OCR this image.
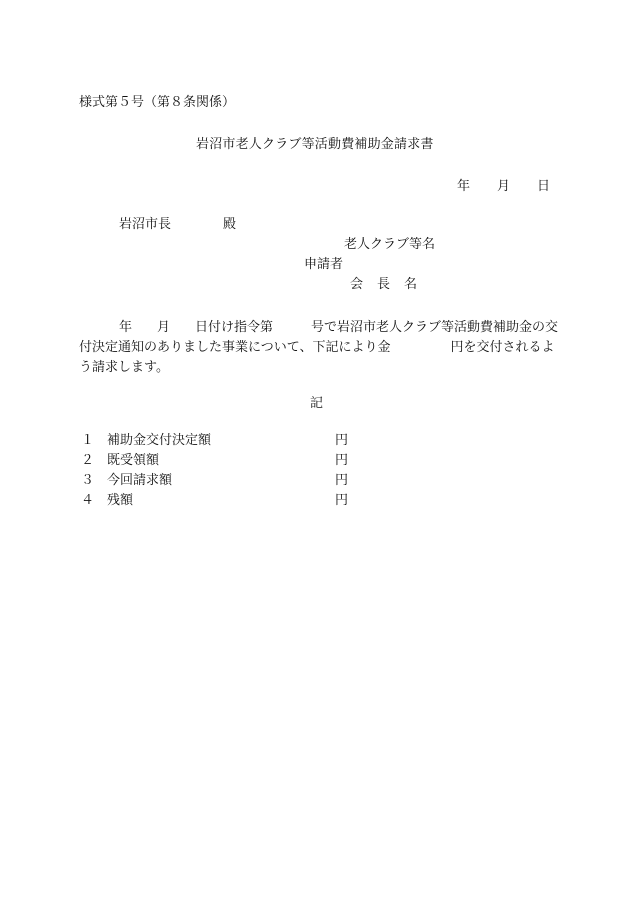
様式第５号（第８条関係）
岩沼市老人クラブ等活動費補助金請求書
年 月 日
岩沼市長	殿
老人クラブ等名
申請者
会 長 名
年 月 日付け指令第	号で岩沼市老人クラブ等活動費補助金の交付決定通知のありました事業について、下記により金	円を交付されるよう請求します。
記
１ 補助金交付決定額	円
２ 既受領額	円
３ 今回請求額	円
４ 残額	円
